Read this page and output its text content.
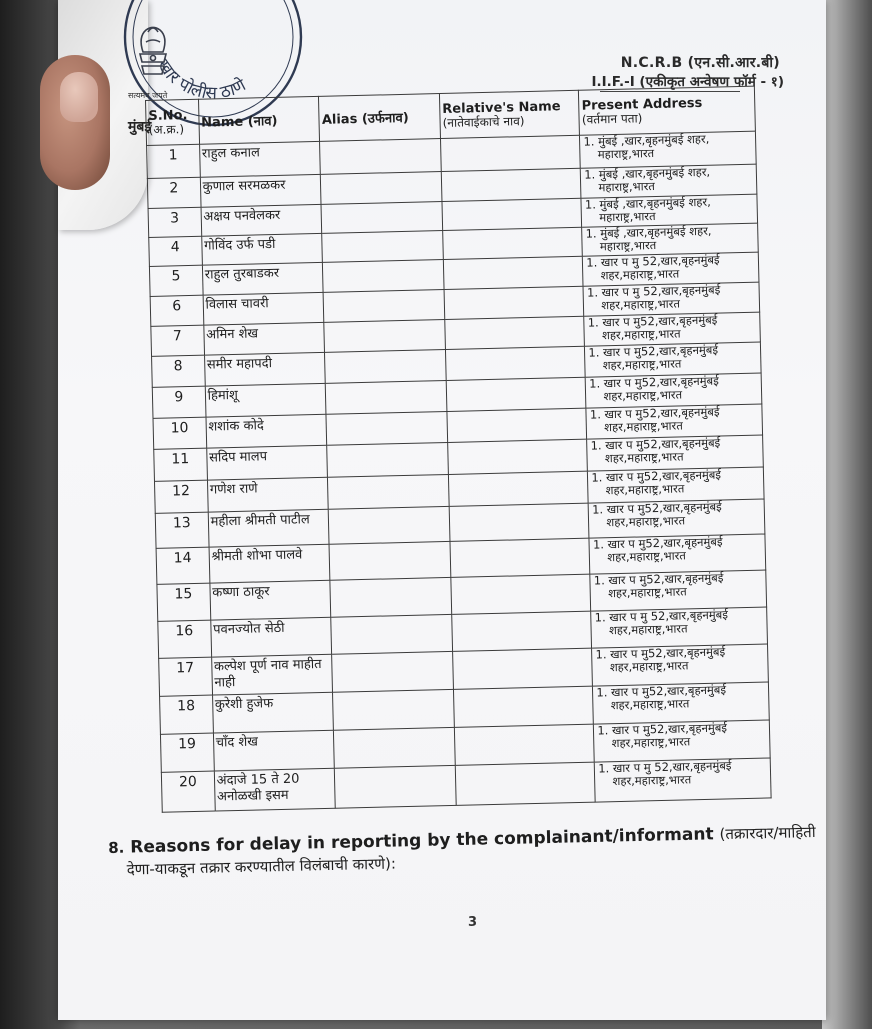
खार पोलीस ठाणे
सत्यमेव जयते
मुंबई
N.C.R.B (एन.सी.आर.बी)
I.I.F.-I (एकीकृत अन्वेषण फॉर्म - १)
S.No.
(अ.क्र.)	Name (नाव)	Alias (उर्फनाव)	Relative's Name
(नातेवाईकाचे नाव)	Present Address
(वर्तमान पता)

1	राहुल कनाल			1. मुंबई ,खार,बृहनमुंबई शहर,
महाराष्ट्र,भारत

2	कुणाल सरमळकर			1. मुंबई ,खार,बृहनमुंबई शहर,
महाराष्ट्र,भारत

3	अक्षय पनवेलकर			1. मुंबई ,खार,बृहनमुंबई शहर,
महाराष्ट्र,भारत

4	गोविंद उर्फ पडी			1. मुंबई ,खार,बृहनमुंबई शहर,
महाराष्ट्र,भारत

5	राहुल तुरबाडकर			1. खार प मु 52,खार,बृहनमुंबई
शहर,महाराष्ट्र,भारत

6	विलास चावरी			1. खार प मु 52,खार,बृहनमुंबई
शहर,महाराष्ट्र,भारत

7	अमिन शेख			1. खार प मु52,खार,बृहनमुंबई
शहर,महाराष्ट्र,भारत

8	समीर महापदी			1. खार प मु52,खार,बृहनमुंबई
शहर,महाराष्ट्र,भारत

9	हिमांशू			1. खार प मु52,खार,बृहनमुंबई
शहर,महाराष्ट्र,भारत

10	शशांक कोदे			1. खार प मु52,खार,बृहनमुंबई
शहर,महाराष्ट्र,भारत

11	सदिप मालप			1. खार प मु52,खार,बृहनमुंबई
शहर,महाराष्ट्र,भारत

12	गणेश राणे			1. खार प मु52,खार,बृहनमुंबई
शहर,महाराष्ट्र,भारत

13	महीला श्रीमती पाटील			1. खार प मु52,खार,बृहनमुंबई
शहर,महाराष्ट्र,भारत

14	श्रीमती शोभा पालवे			1. खार प मु52,खार,बृहनमुंबई
शहर,महाराष्ट्र,भारत

15	कष्णा ठाकूर			1. खार प मु52,खार,बृहनमुंबई
शहर,महाराष्ट्र,भारत

16	पवनज्योत सेठी			1. खार प मु 52,खार,बृहनमुंबई
शहर,महाराष्ट्र,भारत

17	कल्पेश पूर्ण नाव माहीत नाही			1. खार प मु52,खार,बृहनमुंबई
शहर,महाराष्ट्र,भारत

18	कुरेशी हुजेफ			1. खार प मु52,खार,बृहनमुंबई
शहर,महाराष्ट्र,भारत

19	चॉंद शेख			1. खार प मु52,खार,बृहनमुंबई
शहर,महाराष्ट्र,भारत

20	अंदाजे 15 ते 20 अनोळखी इसम			1. खार प मु 52,खार,बृहनमुंबई
शहर,महाराष्ट्र,भारत
8. Reasons for delay in reporting by the complainant/informant (तक्रारदार/माहिती
देणा-याकडून तक्रार करण्यातील विलंबाची कारणे):
3
